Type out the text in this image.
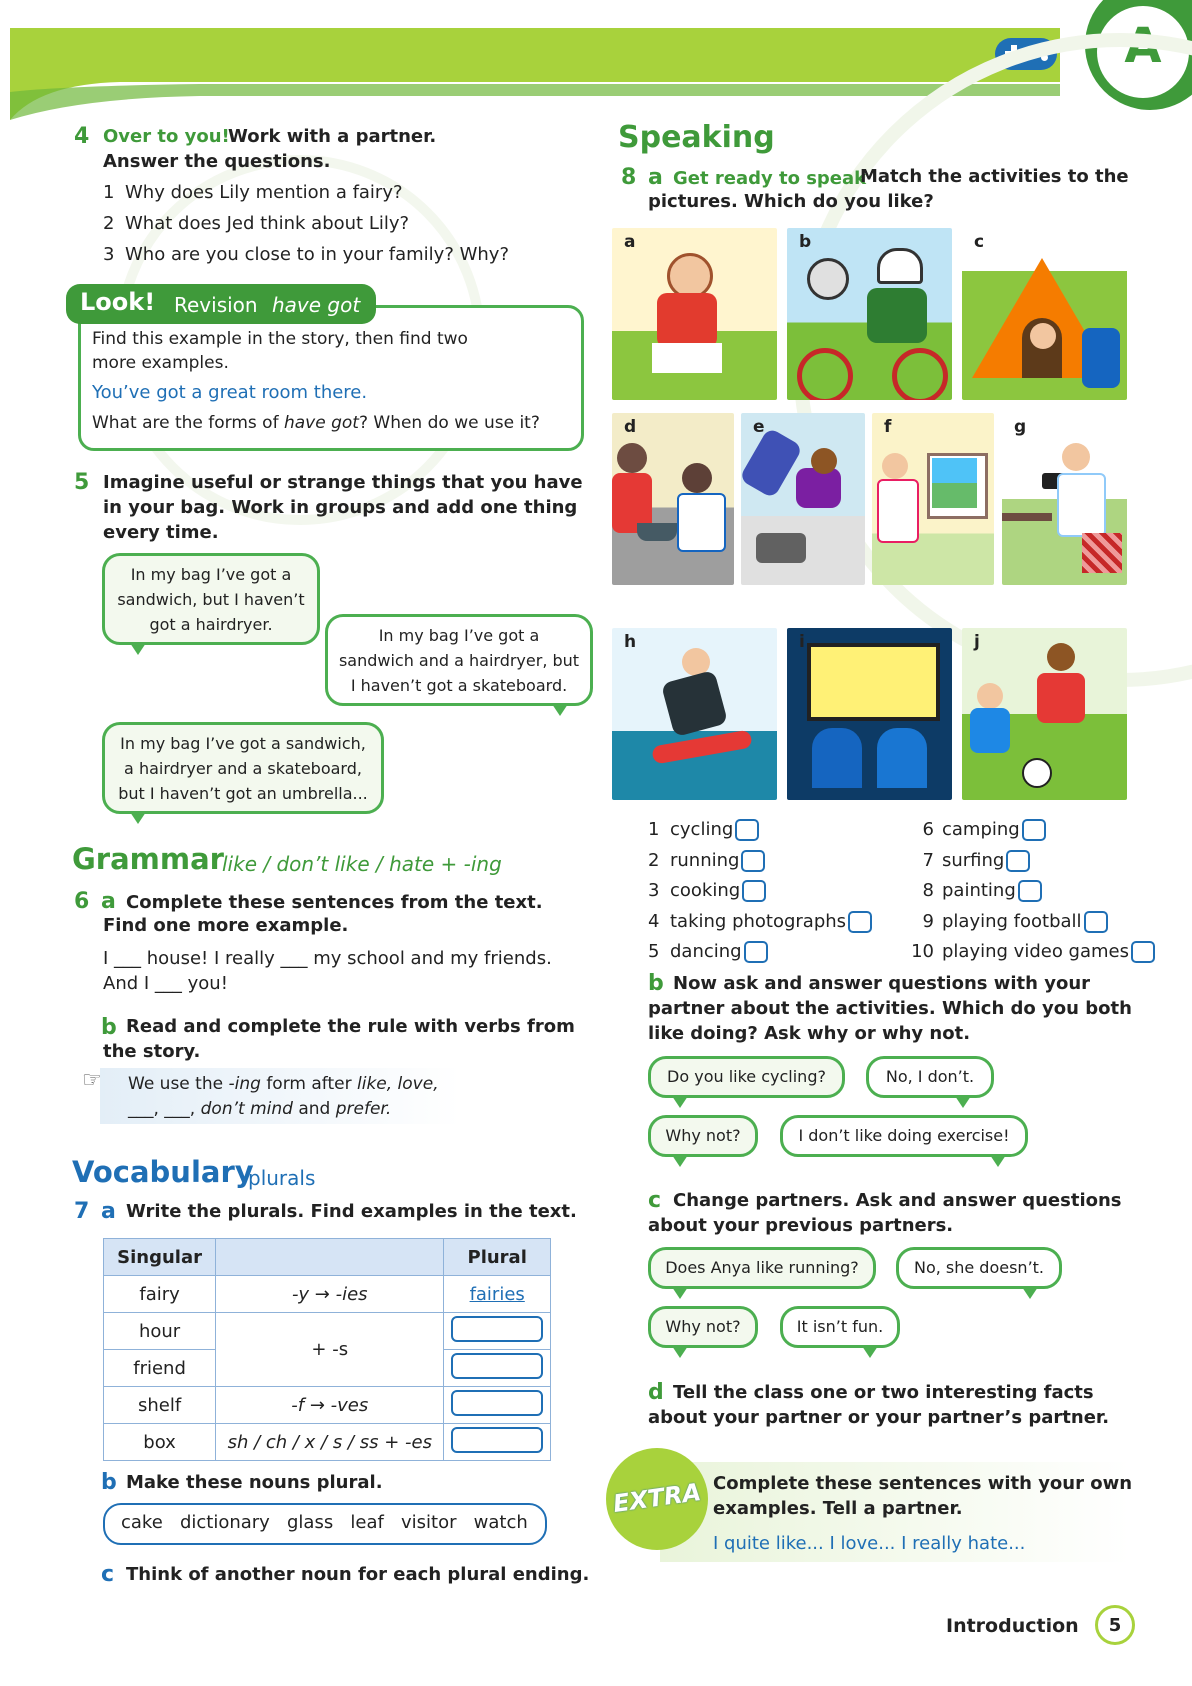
A
4 Over to you!
Work with a partner.
Answer the questions.
1 Why does Lily mention a fairy?
2 What does Jed think about Lily?
3 Who are you close to in your family? Why?
Look! Revision have got
Find this example in the story, then find two
more examples.
You’ve got a great room there.
What are the forms of have got? When do we use it?
5 Imagine useful or strange things that you have
in your bag. Work in groups and add one thing
every time.
In my bag I’ve got a
sandwich, but I haven’t
got a hairdryer.
In my bag I’ve got a
sandwich and a hairdryer, but
I haven’t got a skateboard.
In my bag I’ve got a sandwich,
a hairdryer and a skateboard,
but I haven’t got an umbrella...
Grammar
like / don’t like / hate + -ing
6 a Complete these sentences from the text.
Find one more example.
I ___ house! I really ___ my school and my friends.
And I ___ you!
b Read and complete the rule with verbs from
the story.
☞ We use the -ing form after like, love,
___, ___, don’t mind and prefer.
Vocabulary
plurals
7 a Write the plurals. Find examples in the text.
Singular		Plural
fairy	-y → -ies	fairies
hour	+ -s	
friend		
shelf	-f → -ves	
box	sh / ch / x / s / ss + -es	
b Make these nouns plural.
cake   dictionary   glass   leaf   visitor   watch
c Think of another noun for each plural ending.
Speaking
8 a Get ready to speak
Match the activities to the
pictures. Which do you like?
a	b	c
d	e	f	g
h	i	j
1 cycling
2 running
3 cooking
4 taking photographs
5 dancing
6 camping
7 surfing
8 painting
9 playing football
10 playing video games
b Now ask and answer questions with your
partner about the activities. Which do you both
like doing? Ask why or why not.
Do you like cycling?	No, I don’t.
Why not?	I don’t like doing exercise!
c Change partners. Ask and answer questions
about your previous partners.
Does Anya like running?	No, she doesn’t.
Why not?	It isn’t fun.
d Tell the class one or two interesting facts
about your partner or your partner’s partner.
EXTRA Complete these sentences with your own
examples. Tell a partner.
I quite like... I love... I really hate...
Introduction	5
